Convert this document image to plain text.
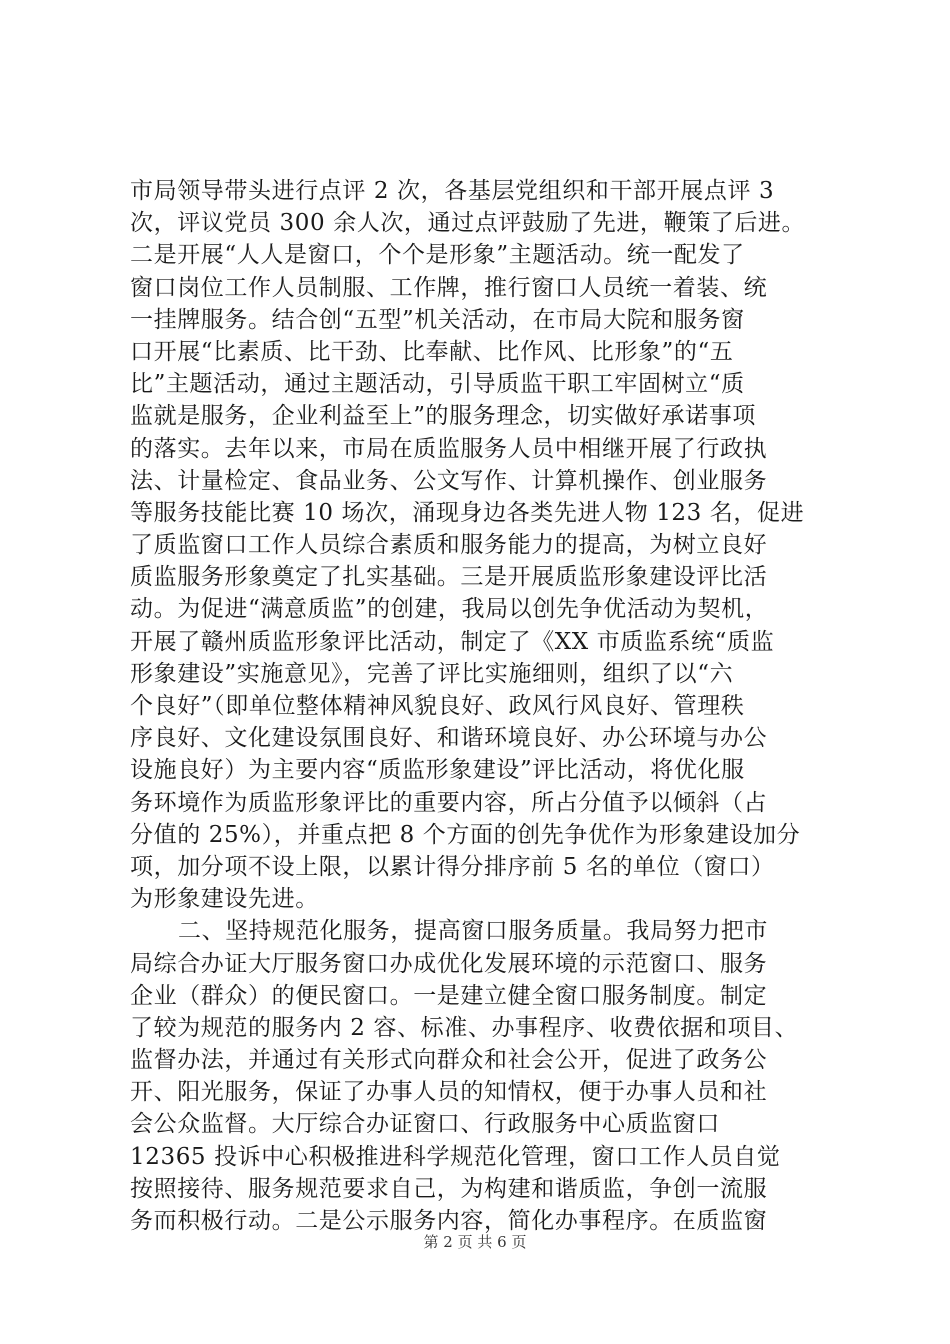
市局领导带头进行点评 2 次，各基层党组织和干部开展点评 3
次，评议党员 300 余人次，通过点评鼓励了先进，鞭策了后进。
二是开展“人人是窗口，个个是形象”主题活动。统一配发了
窗口岗位工作人员制服、工作牌，推行窗口人员统一着装、统
一挂牌服务。结合创“五型”机关活动，在市局大院和服务窗
口开展“比素质、比干劲、比奉献、比作风、比形象”的“五
比”主题活动，通过主题活动，引导质监干职工牢固树立“质
监就是服务，企业利益至上”的服务理念，切实做好承诺事项
的落实。去年以来，市局在质监服务人员中相继开展了行政执
法、计量检定、食品业务、公文写作、计算机操作、创业服务
等服务技能比赛 10 场次，涌现身边各类先进人物 123 名，促进
了质监窗口工作人员综合素质和服务能力的提高，为树立良好
质监服务形象奠定了扎实基础。三是开展质监形象建设评比活
动。为促进“满意质监”的创建，我局以创先争优活动为契机，
开展了赣州质监形象评比活动，制定了《XX 市质监系统“质监
形象建设”实施意见》，完善了评比实施细则，组织了以“六
个良好”（即单位整体精神风貌良好、政风行风良好、管理秩
序良好、文化建设氛围良好、和谐环境良好、办公环境与办公
设施良好）为主要内容“质监形象建设”评比活动，将优化服
务环境作为质监形象评比的重要内容，所占分值予以倾斜（占
分值的 25%），并重点把 8 个方面的创先争优作为形象建设加分
项，加分项不设上限，以累计得分排序前 5 名的单位（窗口）
为形象建设先进。
二、坚持规范化服务，提高窗口服务质量。我局努力把市
局综合办证大厅服务窗口办成优化发展环境的示范窗口、服务
企业（群众）的便民窗口。一是建立健全窗口服务制度。制定
了较为规范的服务内 2 容、标准、办事程序、收费依据和项目、
监督办法，并通过有关形式向群众和社会公开，促进了政务公
开、阳光服务，保证了办事人员的知情权，便于办事人员和社
会公众监督。大厅综合办证窗口、行政服务中心质监窗口
12365 投诉中心积极推进科学规范化管理，窗口工作人员自觉
按照接待、服务规范要求自己，为构建和谐质监，争创一流服
务而积极行动。二是公示服务内容，简化办事程序。在质监窗
第 2 页 共 6 页
